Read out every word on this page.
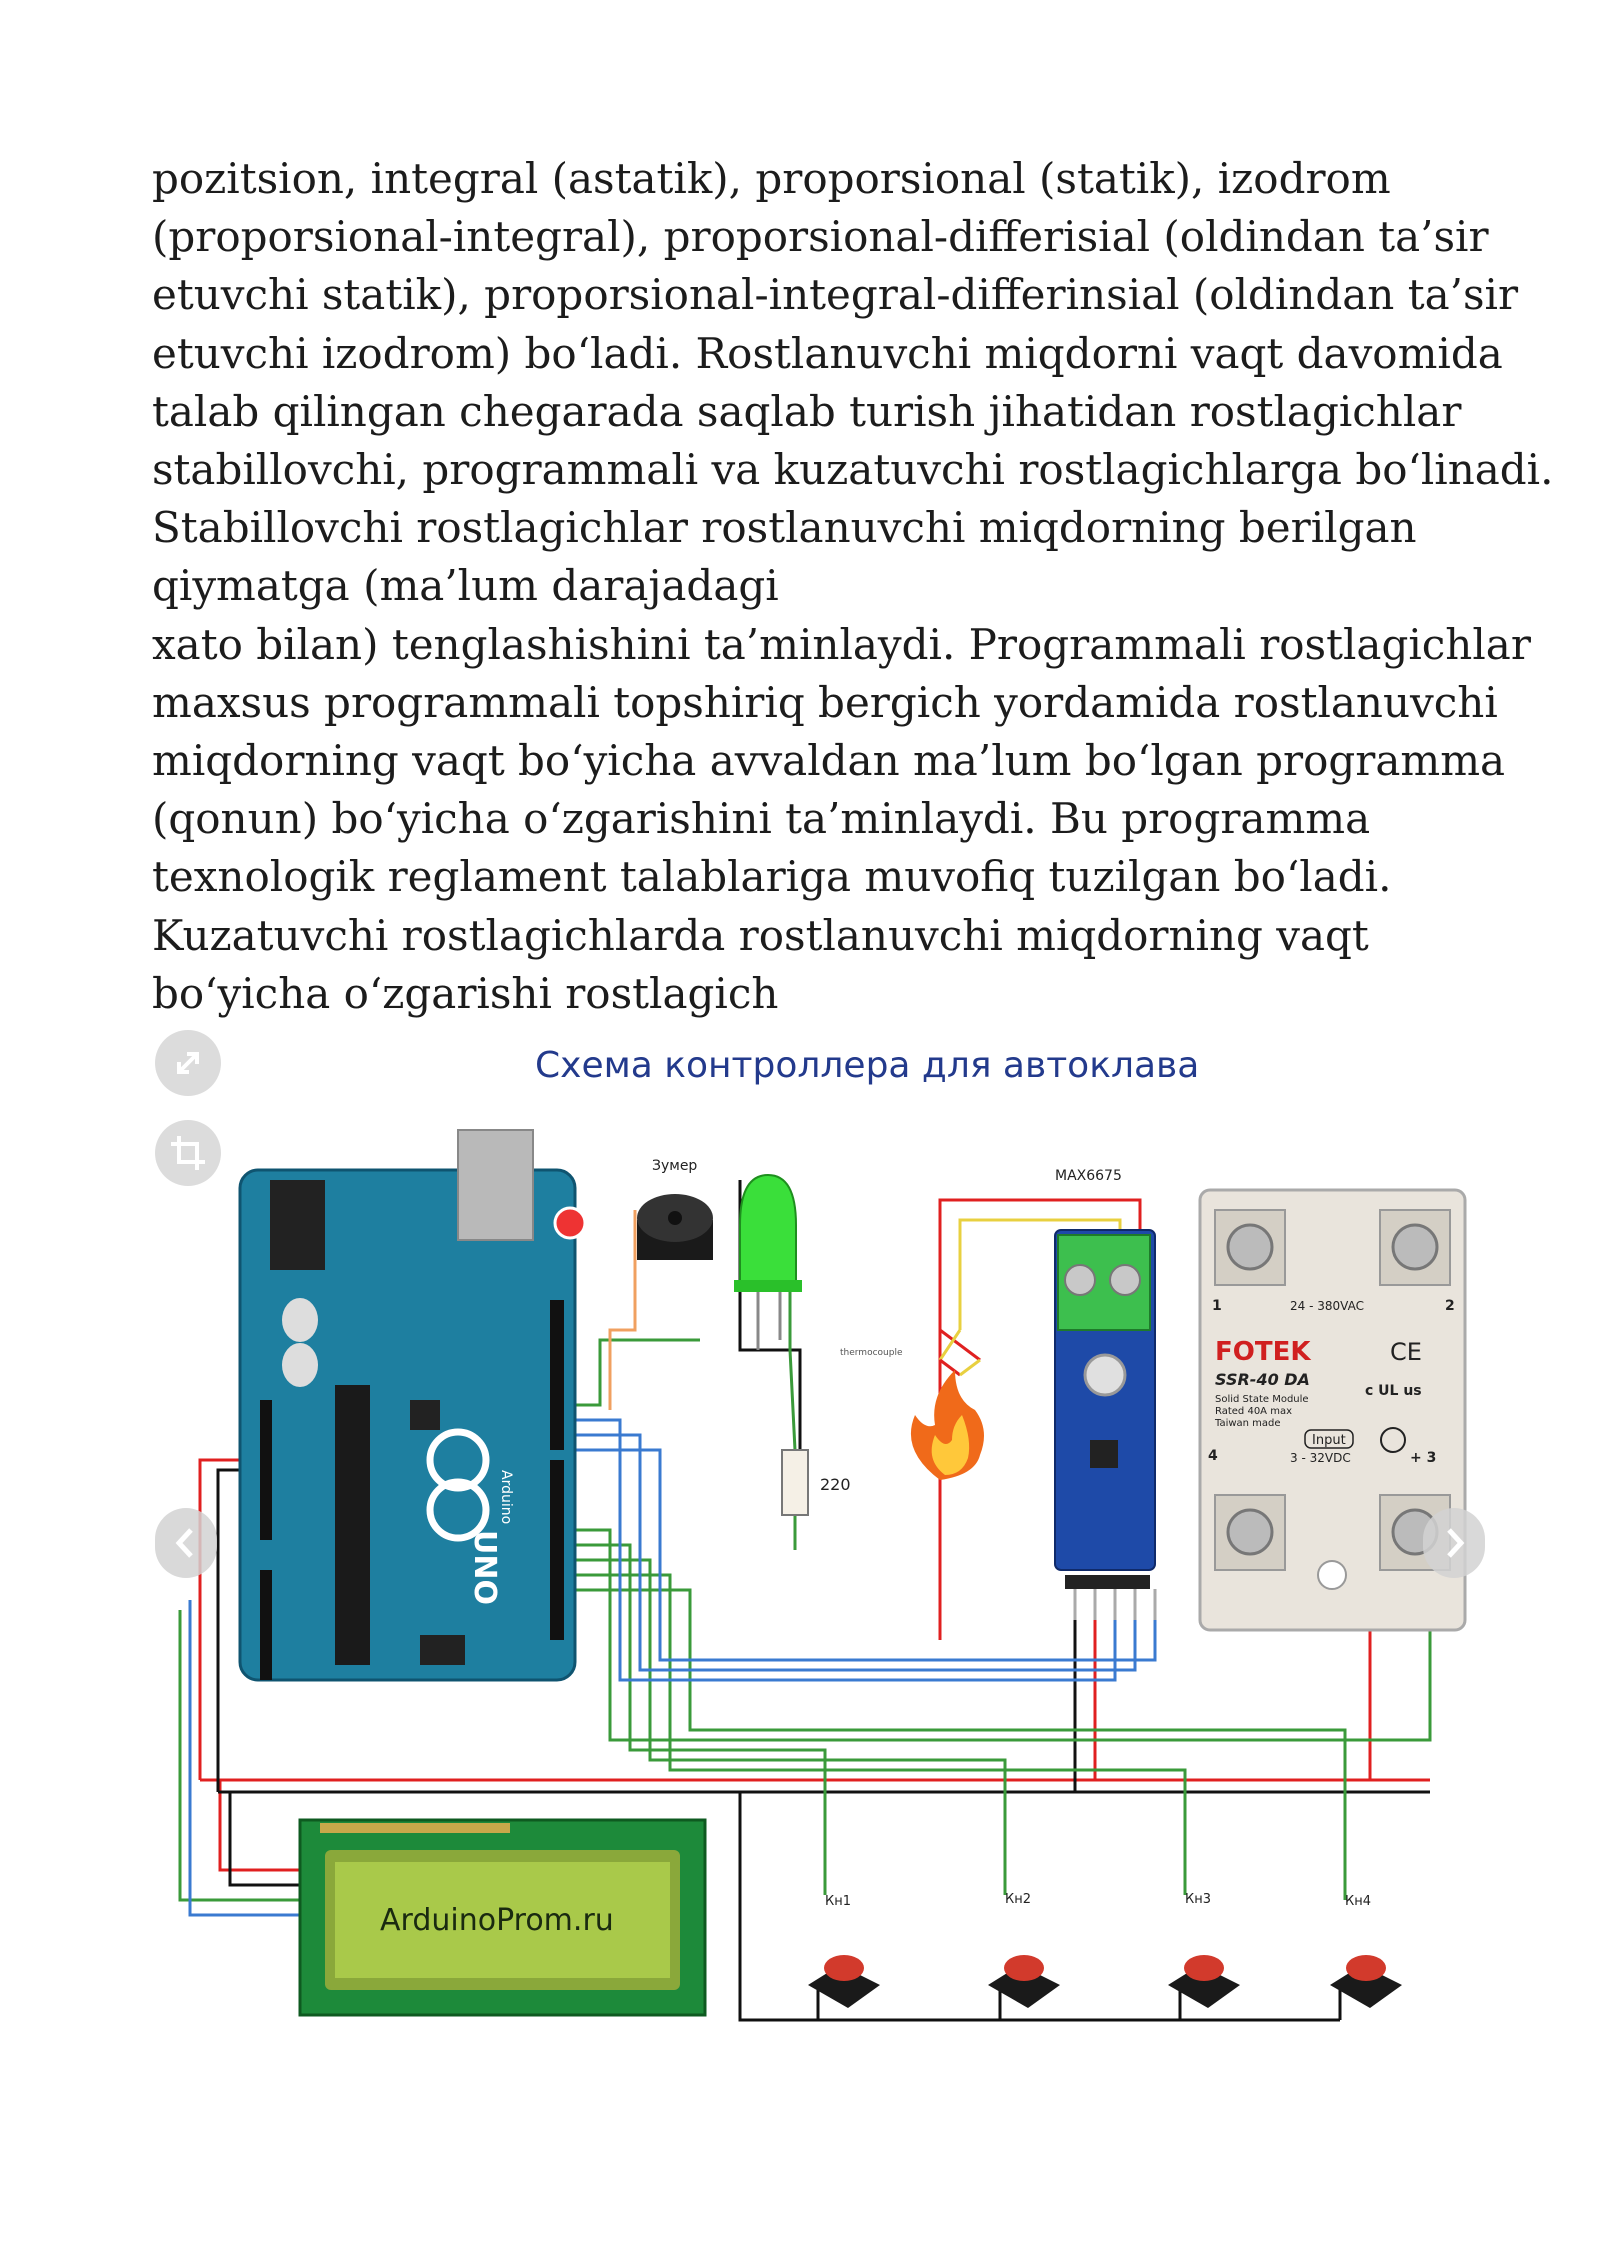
pozitsion, integral (astatik), proporsional (statik), izodrom

(proporsional-integral), proporsional-differisial (oldindan ta’sir

etuvchi statik), proporsional-integral-differinsial (oldindan ta’sir

etuvchi izodrom) boʻladi. Rostlanuvchi miqdorni vaqt davomida

talab qilingan chegarada saqlab turish jihatidan rostlagichlar

stabillovchi, programmali va kuzatuvchi rostlagichlarga boʻlinadi.

Stabillovchi rostlagichlar rostlanuvchi miqdorning berilgan

qiymatga (ma’lum darajadagi

xato bilan) tenglashishini ta’minlaydi. Programmali rostlagichlar

maxsus programmali topshiriq bergich yordamida rostlanuvchi

miqdorning vaqt boʻyicha avvaldan ma’lum boʻlgan programma

(qonun) boʻyicha oʻzgarishini ta’minlaydi. Bu programma

texnologik reglament talablariga muvofiq tuzilgan boʻladi.

Kuzatuvchi rostlagichlarda rostlanuvchi miqdorning vaqt

boʻyicha oʻzgarishi rostlagich

Схема контроллера для автоклава
Arduino
UNO
Зумер
220
thermocouple
MAX6675
1	2
24 - 380VAC
FOTEK	CE
SSR-40 DA
c UL us
Solid State Module
Rated 40A max
Taiwan made
Input
4	3 - 32VDC	+ 3
ArduinoProm.ru
Кн1	Кн2	Кн3	Кн4
